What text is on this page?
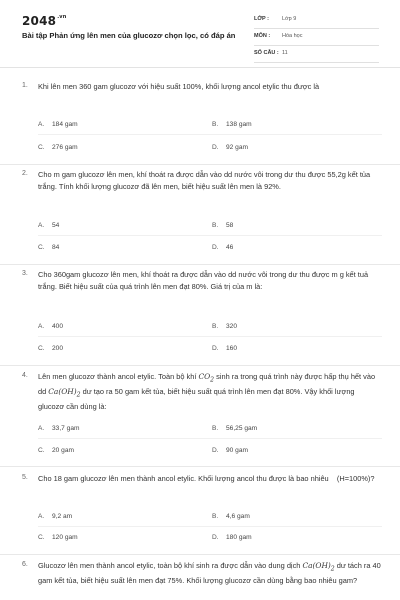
$2048^{.vn}$
Bài tập Phản ứng lên men của glucozơ chọn lọc, có đáp án
LỚP : Lớp 9
MÔN : Hóa học
SỐ CÂU : 11
1. Khi lên men 360 gam glucozơ với hiệu suất 100%, khối lượng ancol etylic thu được là
A. 184 gam	B. 138 gam
C. 276 gam	D. 92 gam
2. Cho m gam glucozơ lên men, khí thoát ra được dẫn vào dd nước vôi trong dư thu được 55,2g kết tủa trắng. Tính khối lượng glucozơ đã lên men, biết hiệu suất lên men là 92%.
A. 54	B. 58
C. 84	D. 46
3. Cho 360gam glucozơ lên men, khí thoát ra được dẫn vào dd nước vôi trong dư thu được m g kết tuả trắng. Biết hiệu suất của quá trình lên men đạt 80%. Giá trị của m là:
A. 400	B. 320
C. 200	D. 160
4. Lên men glucozơ thành ancol etylic. Toàn bộ khí $CO_2$ sinh ra trong quá trình này được hấp thụ hết vào dd $Ca(OH)_2$ dư tạo ra 50 gam kết tủa, biết hiệu suất quá trình lên men đạt 80%. Vậy khối lượng glucozơ cần dùng là:
A. 33,7 gam	B. 56,25 gam
C. 20 gam	D. 90 gam
5. Cho 18 gam glucozơ lên men thành ancol etylic. Khối lượng ancol thu được là bao nhiêu (H=100%)?
A. 9,2 am	B. 4,6 gam
C. 120 gam	D. 180 gam
6. Glucozơ lên men thành ancol etylic, toàn bộ khí sinh ra được dẫn vào dung dịch $Ca(OH)_2$ dư tách ra 40 gam kết tủa, biết hiệu suất lên men đạt 75%. Khối lượng glucozơ cần dùng bằng bao nhiêu gam?
